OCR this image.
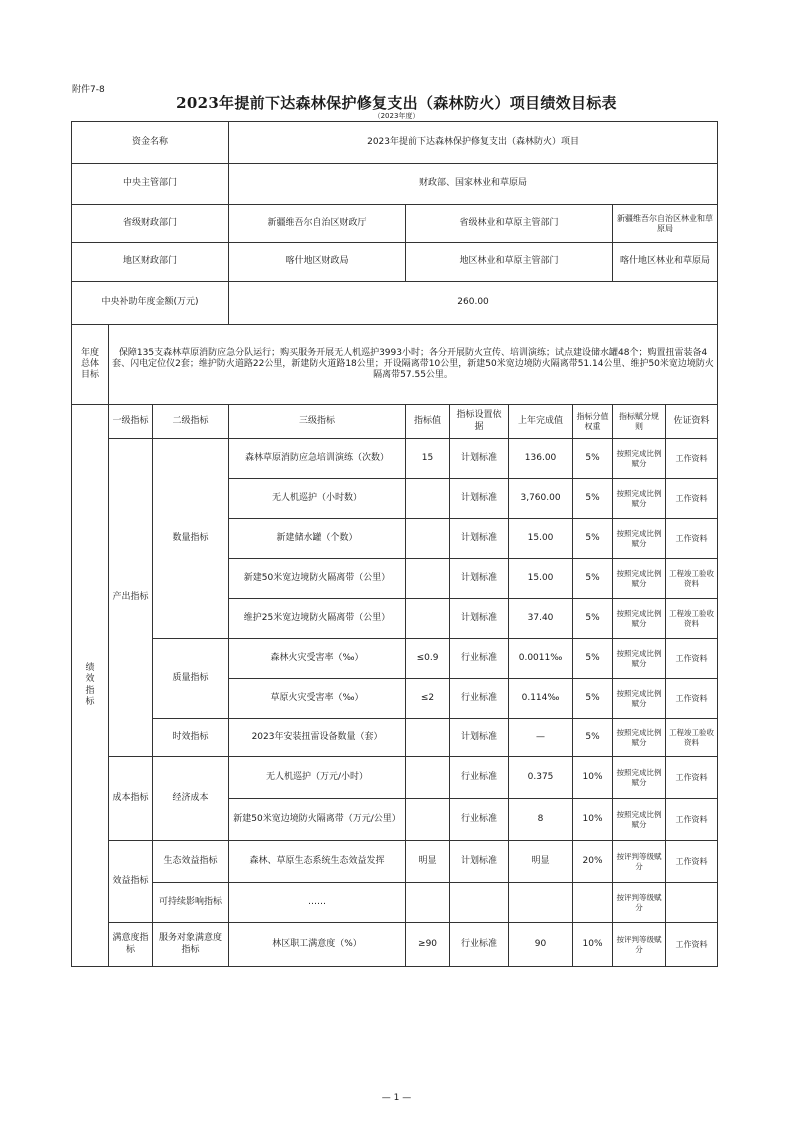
附件7-8
2023年提前下达森林保护修复支出（森林防火）项目绩效目标表
（2023年度）
资金名称			2023年提前下达森林保护修复支出（森林防火）项目						
中央主管部门			财政部、国家林业和草原局						
省级财政部门			新疆维吾尔自治区财政厅	省级林业和草原主管部门				新疆维吾尔自治区林业和草原局	
地区财政部门			喀什地区财政局	地区林业和草原主管部门				喀什地区林业和草原局	
中央补助年度金额(万元)			260.00						
年度总体目标	保障135支森林草原消防应急分队运行；购买服务开展无人机巡护3993小时；各分开展防火宣传、培训演练；试点建设储水罐48个；购置扭雷装备4套、闪电定位仪2套；维护防火道路22公里，新建防火道路18公里；开设隔离带10公里，新建50米宽边境防火隔离带51.14公里、维护50米宽边境防火隔离带57.55公里。								
绩效指标	一级指标	二级指标	三级指标	指标值	指标设置依据	上年完成值	指标分值权重	指标赋分规则	佐证资料
	产出指标	数量指标	森林草原消防应急培训演练（次数）	15	计划标准	136.00	5%	按照完成比例赋分	工作资料
			无人机巡护（小时数）		计划标准	3,760.00	5%	按照完成比例赋分	工作资料
			新建储水罐（个数）		计划标准	15.00	5%	按照完成比例赋分	工作资料
			新建50米宽边境防火隔离带（公里）		计划标准	15.00	5%	按照完成比例赋分	工程竣工验收资料
			维护25米宽边境防火隔离带（公里）		计划标准	37.40	5%	按照完成比例赋分	工程竣工验收资料
		质量指标	森林火灾受害率（‰）	≤0.9	行业标准	0.0011‰	5%	按照完成比例赋分	工作资料
			草原火灾受害率（‰）	≤2	行业标准	0.114‰	5%	按照完成比例赋分	工作资料
		时效指标	2023年安装扭雷设备数量（套）		计划标准	—	5%	按照完成比例赋分	工程竣工验收资料
	成本指标	经济成本	无人机巡护（万元/小时）		行业标准	0.375	10%	按照完成比例赋分	工作资料
			新建50米宽边境防火隔离带（万元/公里）		行业标准	8	10%	按照完成比例赋分	工作资料
	效益指标	生态效益指标	森林、草原生态系统生态效益发挥	明显	计划标准	明显	20%	按评判等级赋分	工作资料
		可持续影响指标	……					按评判等级赋分	
	满意度指标	服务对象满意度指标	林区职工满意度（%）	≥90	行业标准	90	10%	按评判等级赋分	工作资料
— 1 —
